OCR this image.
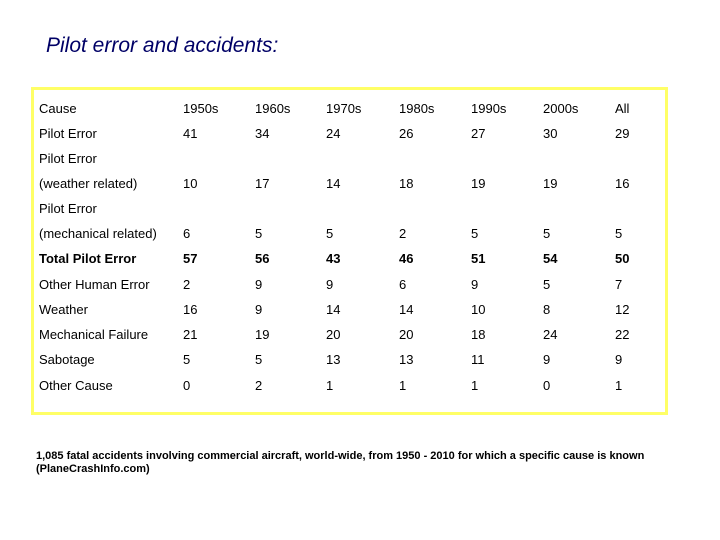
Pilot error and accidents:
Cause	1950s	1960s	1970s	1980s	1990s	2000s	All
Pilot Error	41	34	24	26	27	30	29
Pilot Error
(weather related)	10	17	14	18	19	19	16
Pilot Error
(mechanical related) 6	5	5	2	5	5	5
Total Pilot Error	57	56	43	46	51	54	50
Other Human Error	2	9	9	6	9	5	7
Weather	16	9	14	14	10	8	12
Mechanical Failure	21	19	20	20	18	24	22
Sabotage	5	5	13	13	11	9	9
Other Cause	0	2	1	1	1	0	1
1,085 fatal accidents involving commercial aircraft, world-wide, from 1950 - 2010 for which a specific cause is known (PlaneCrashInfo.com)
